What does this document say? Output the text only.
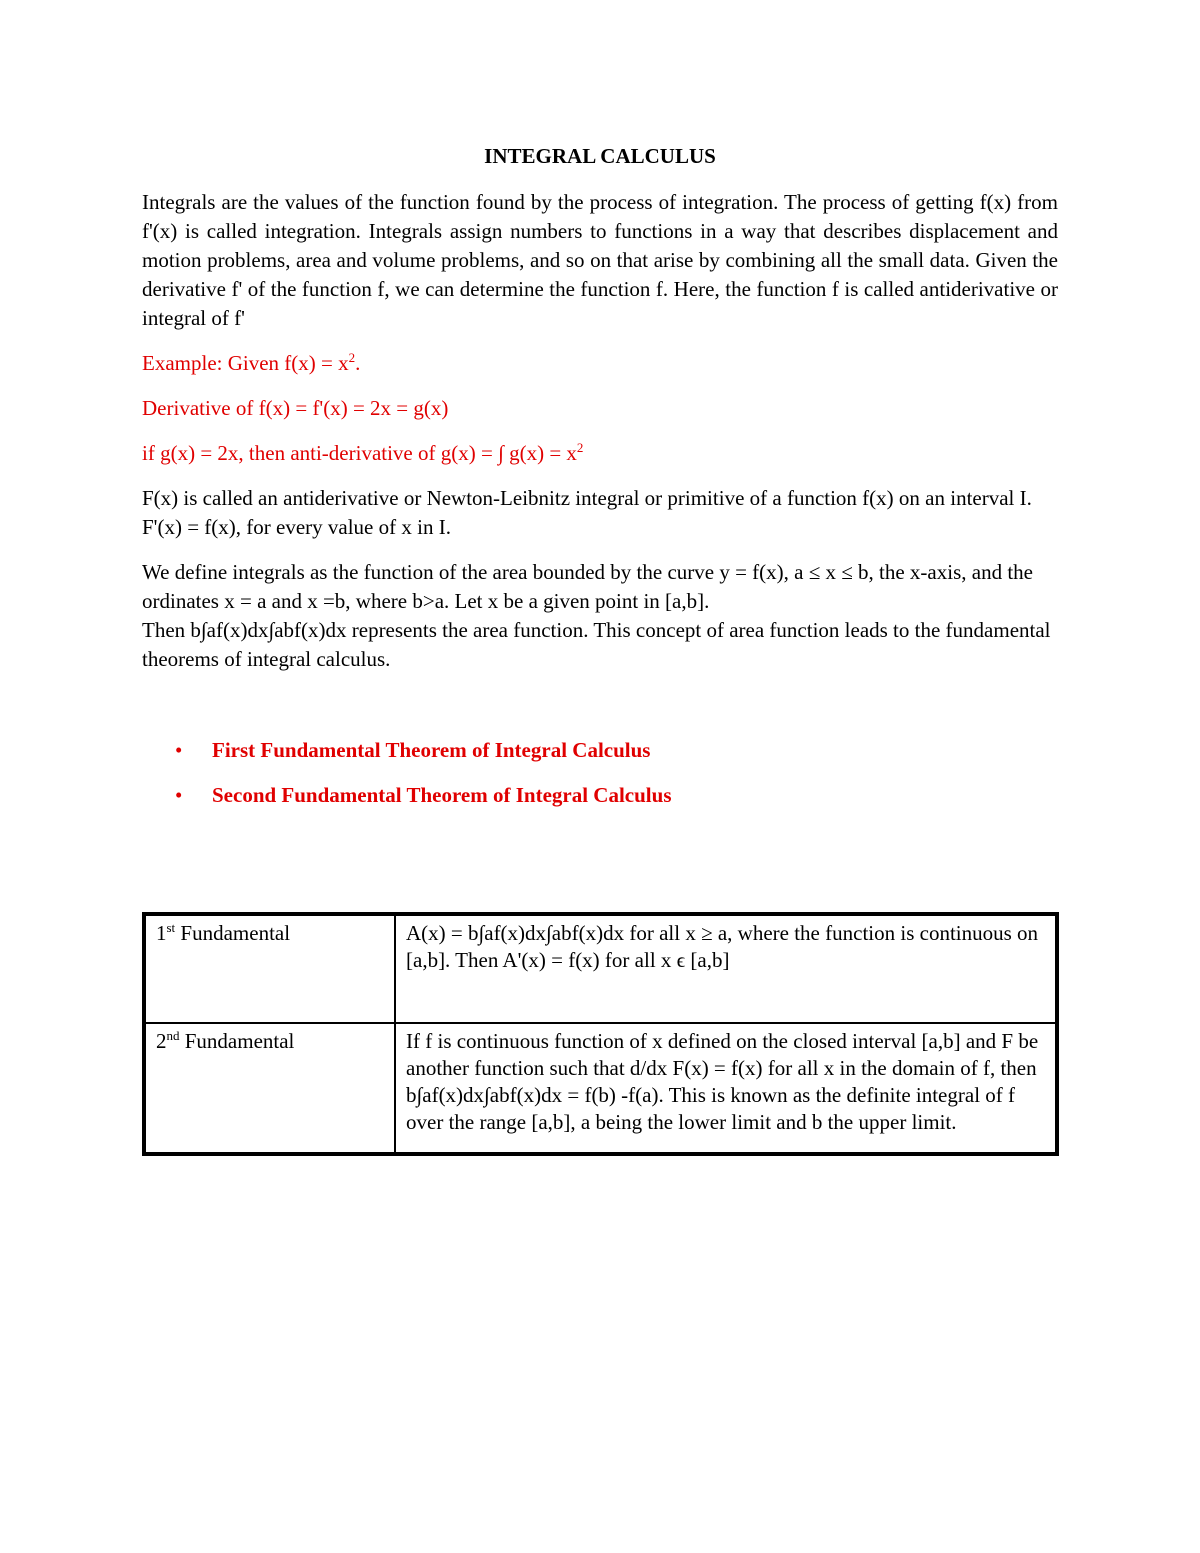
INTEGRAL CALCULUS

Integrals are the values of the function found by the process of integration. The process of getting f(x) from f'(x) is called integration. Integrals assign numbers to functions in a way that describes displacement and motion problems, area and volume problems, and so on that arise by combining all the small data. Given the derivative f' of the function f, we can determine the function f. Here, the function f is called antiderivative or integral of f'

Example: Given $f(x) = x^2$.

Derivative of f(x) = f'(x) = 2x = g(x)

if g(x) = 2x, then anti-derivative of g(x) = ∫ $g(x) = x^2$

F(x) is called an antiderivative or Newton-Leibnitz integral or primitive of a function f(x) on an interval I. F'(x) = f(x), for every value of x in I.

We define integrals as the function of the area bounded by the curve y = f(x), a ≤ x ≤ b, the x-axis, and the ordinates x = a and x =b, where b>a. Let x be a given point in [a,b].

Then b∫af(x)dx∫abf(x)dx represents the area function. This concept of area function leads to the fundamental theorems of integral calculus.

• First Fundamental Theorem of Integral Calculus
• Second Fundamental Theorem of Integral Calculus
1st Fundamental	A(x) = b∫af(x)dx∫abf(x)dx for all x ≥ a, where the function is continuous on [a,b]. Then A'(x) = f(x) for all x ϵ [a,b]
2nd Fundamental	If f is continuous function of x defined on the closed interval [a,b] and F be another function such that d/dx F(x) = f(x) for all x in the domain of f, then b∫af(x)dx∫abf(x)dx = f(b) -f(a). This is known as the definite integral of f over the range [a,b], a being the lower limit and b the upper limit.
